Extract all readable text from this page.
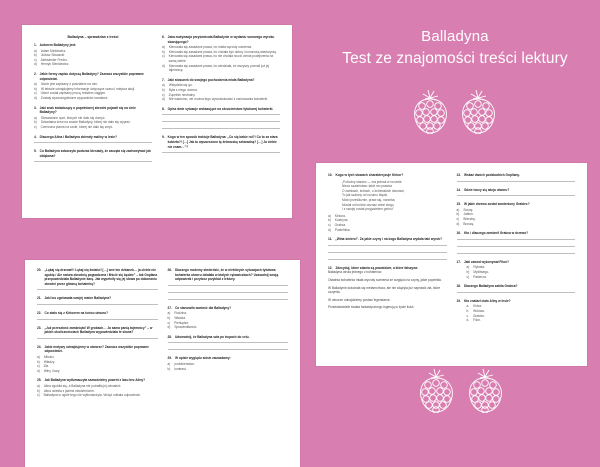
Balladyna
Test ze znajomości treści lektury
Balladyna – sprawdzian z treści
1. Autorem Balladyny jest:
a) Adam Mickiewicz.
b) Juliusz Słowacki.
c) Aleksander Fredro.
d) Henryk Sienkiewicz.
2. Jakie formy zapisu dotyczą Balladyny? Zaznacz wszystkie poprawne odpowiedzi.
a) Utwór jest zapisany z podziałem na role.
b) W tekście odnajdujemy informacje dotyczące czasu i miejsca akcji.
c) Utwór został zapisany prozą, tekstem ciągłym.
d) Zostały wyszczególnione wypowiedzi narratora.
3. Jaki znak świadczący o popełnionej zbrodni pojawił się na ciele Balladyny?
a) Skrwawione ręce, których nie dało się domyć.
b) Szkarłatna krew na szacie Balladyny, której nie dało się wyprać.
c) Czerwona plama na czole, której nie dało się zmyć.
4. Dlaczego Alina i Balladyna zbierały maliny w lesie?
5. Co Balladyna zobaczyła podczas biesiady, że zaczęła się zachowywać jak obłąkana?
6. Jaka motywacja przyświecała Balladynie w wydaniu surowego wyroku skazującego?
a) Kierowała się zasadami prawa, bo miała wyrzuty sumienia.
b) Kierowała się zasadami prawa, bo chciała być dobrą i honorową władczynią.
c) Kierowała się zasadami prawa, bo nie chciała rzucić cienia podejrzenia na samą siebie.
d) Kierowała się zasadami prawa, bo wiedziała, że wszyscy poznali już jej tajemnicę.
7. Jaki stosunek do swojego pochodzenia miała Balladyna?
a) Wstydziła się go.
b) Była z niego dumna.
c) Zupełnie neutralny.
d) Nie wiadomo, nie można tego wywnioskować z zachowania bohaterki.
8. Opisz dwie sytuacje wskazujące na okrucieństwo tytułowej bohaterki.
9. Kogo w ten sposób traktuje Balladyna: „Co się babie roi?! Co to za stara kobieta?! […] Jak tu wpuszczono tę żebraczkę szkaradną? […] Ja ciebie nie znam…”?
10. Kogo w tych słowach charakteryzuje Kirkor?
„Pobożny starzec — ma jednak w rozumie
Nieco szaleństwa: takiż mu prawisz
O zamkach, królach, o królewskich dworach,
To jak szalony od rozumu błądzi,
Mówi prześlicznie, prawi się, narzeka;
Musiał od królów doznać wiele złego,
I z swojej został przyjacielem gminu"
a) Kirkora.
b) Kostryna.
c) Grabca.
d) Pustelnika.
11. „Wina śmierci”. Za jakie czyny i na kogo Balladyna wydała taki wyrok?
12. Zdecyduj, które zdania są prawdziwe, a które fałszywe.
Balladyna otruła jednego z bohaterów.
Ostatnia bohaterka miała wyrzuty sumienia ze względu na czyny, jakie popełniła.
W Balladynie dokonała się metamorfoza, ale nie zdążyła już naprawić zła, które uczyniła.
W utworze odnajdziemy postaci legendarne.
Przedstawiciele świata fantastycznego ingerują w życie ludzi.
13. Wskaż dwóch podskarbich Gopliany.
14. Gdzie toczy się akcja utworu?
15. W jakie drzewo został zamieniony Grabiec?
a) Sosnę.
b) Jabłoń.
c) Wierzbę.
d) Brzozę.
16. Kto i dlaczego zamienił Grabca w drzewo?
17. Jaki zawód wykonywał Filon?
a) Rybaka.
b) Myśliwego.
c) Pasterza.
18. Dlaczego Balladyna zabiła Grabca?
19. Kto znalazł ciało Aliny w lesie?
a. Kirkor.
b. Wdowa.
c. Grabiec.
d. Filon.
20. „Lękaj się drzewa!!! Lękaj się kwiatu!! […] weź ten dzbanek… ja ciebie nie zgubię / Ale natura zbrodnią pogwałcona / Mścić się będzie” – tak Gopłana przepowiedziała Balladynie karę. Jak wypełniły się jej słowa po dokonaniu zbrodni przez główną bohaterkę?
21. Jaki los zgotowała swojej matce Balladyna?
22. Co stało się z Kirkorem na końcu utworu?
23. „Już przeszłość zamknięta! W grobach… Ja sama panią tajemnicy” – w jakich okolicznościach Balladyna wypowiedziała te słowa?
24. Jakie motywy odnajdujemy w utworze? Zaznacz wszystkie poprawne odpowiedzi.
a) Miłości.
b) Władzy.
c) Zła.
d) Winy i kary.
25. Jak Balladyna wytłumaczyła samodzielny powrót z lasu bez Aliny?
a) Alina zgubiła się, a Balladyna nie potrafiła jej odnaleźć.
b) Alina uciekła z jakimś młodzieńcem.
c) Balladyna w ogóle tego nie wytłumaczyła. Wciąż unikała odpowiedzi.
26. Dlaczego możemy stwierdzić, że w niektórych sytuacjach tytułowa bohaterka utworu działała w białych rękawiczkach? Uzasadnij swoją odpowiedź i przytocz przykład z lektury.
27. Co stanowiło wartość dla Balladyny?
a) Rodzina.
b) Władza.
c) Pieniądze.
d) Sprawiedliwość.
28. Udowodnij, że Balladyna szła po trupach do celu.
29. W opisie wyglądu sióstr zauważamy:
a) podobieństwo.
b) kontrast.
